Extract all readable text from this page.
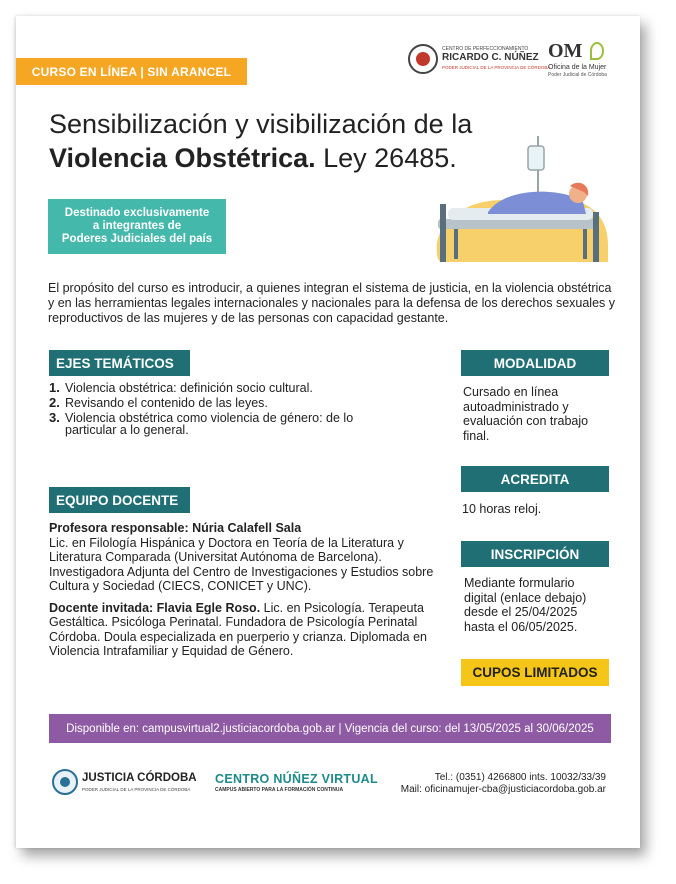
CURSO EN LÍNEA | SIN ARANCEL
CENTRO DE PERFECCIONAMIENTO
RICARDO C. NÚÑEZ
PODER JUDICIAL DE LA PROVINCIA DE CÓRDOBA
OM
Oficina de la Mujer
Poder Judicial de Córdoba
Sensibilización y visibilización de la
Violencia Obstétrica. Ley 26485.
Destinado exclusivamente
a integrantes de
Poderes Judiciales del país
El propósito del curso es introducir, a quienes integran el sistema de justicia, en la violencia obstétrica y en las herramientas legales internacionales y nacionales para la defensa de los derechos sexuales y reproductivos de las mujeres y de las personas con capacidad gestante.
EJES TEMÁTICOS
1. Violencia obstétrica: definición socio cultural.
2. Revisando el contenido de las leyes.
3. Violencia obstétrica como violencia de género: de lo particular a lo general.
EQUIPO DOCENTE

Profesora responsable: Núria Calafell Sala
Lic. en Filología Hispánica y Doctora en Teoría de la Literatura y Literatura Comparada (Universitat Autónoma de Barcelona). Investigadora Adjunta del Centro de Investigaciones y Estudios sobre Cultura y Sociedad (CIECS, CONICET y UNC).

Docente invitada: Flavia Egle Roso. Lic. en Psicología. Terapeuta Gestáltica. Psicóloga Perinatal. Fundadora de Psicología Perinatal Córdoba. Doula especializada en puerperio y crianza. Diplomada en Violencia Intrafamiliar y Equidad de Género.

MODALIDAD
Cursado en línea autoadministrado y evaluación con trabajo final.
ACREDITA
10 horas reloj.
INSCRIPCIÓN
Mediante formulario digital (enlace debajo) desde el 25/04/2025 hasta el 06/05/2025.
CUPOS LIMITADOS
Disponible en: campusvirtual2.justiciacordoba.gob.ar | Vigencia del curso: del 13/05/2025 al 30/06/2025
JUSTICIA CÓRDOBA
PODER JUDICIAL DE LA PROVINCIA DE CÓRDOBA
CENTRO NÚÑEZ VIRTUAL
CAMPUS ABIERTO PARA LA FORMACIÓN CONTINUA
Tel.: (0351) 4266800 ints. 10032/33/39
Mail: oficinamujer-cba@justiciacordoba.gob.ar
